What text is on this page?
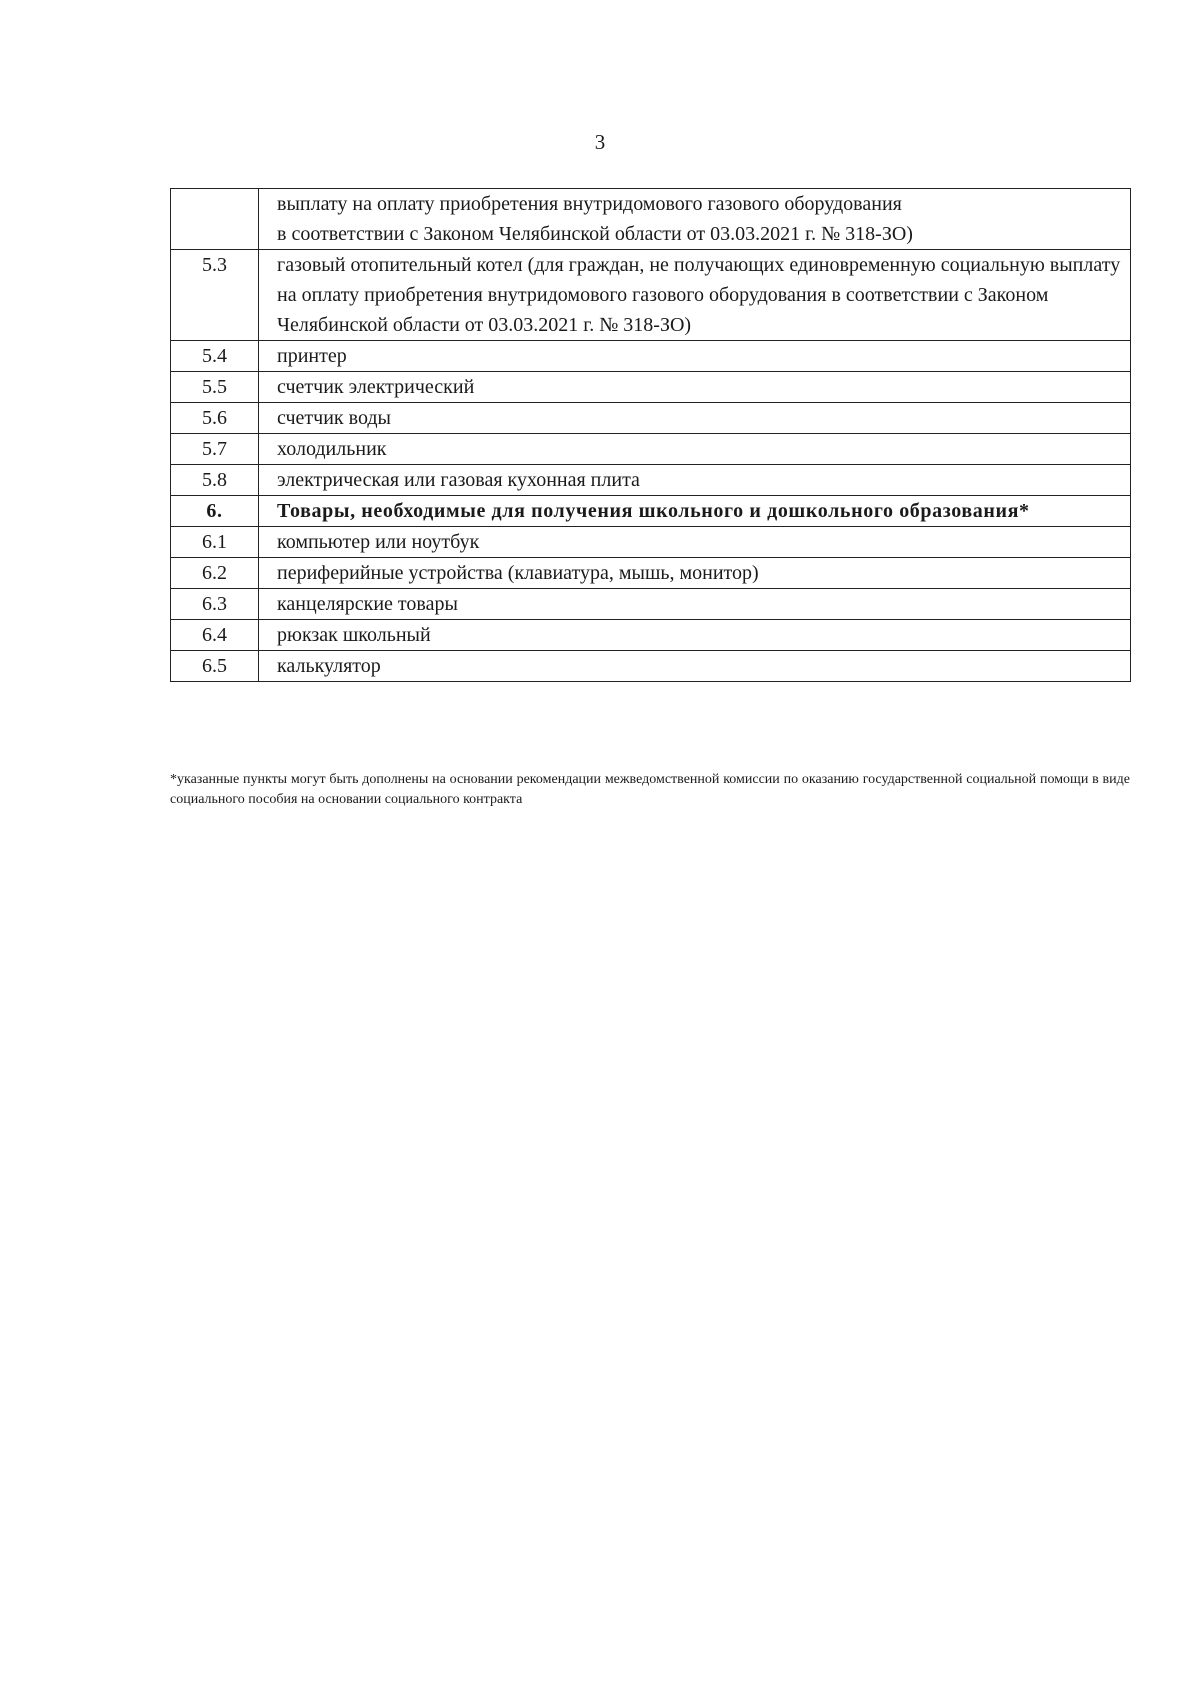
3
	выплату на оплату приобретения внутридомового газового оборудования
в соответствии с Законом Челябинской области от 03.03.2021 г. № 318-ЗО)
5.3	газовый отопительный котел (для граждан, не получающих единовременную социальную выплату на оплату приобретения внутридомового газового оборудования в соответствии с Законом Челябинской области от 03.03.2021 г. № 318-ЗО)
5.4	принтер
5.5	счетчик электрический
5.6	счетчик воды
5.7	холодильник
5.8	электрическая или газовая кухонная плита
6.	Товары, необходимые для получения школьного и дошкольного образования*
6.1	компьютер или ноутбук
6.2	периферийные устройства (клавиатура, мышь, монитор)
6.3	канцелярские товары
6.4	рюкзак школьный
6.5	калькулятор
*указанные пункты могут быть дополнены на основании рекомендации межведомственной комиссии по оказанию государственной социальной помощи в виде социального пособия на основании социального контракта
